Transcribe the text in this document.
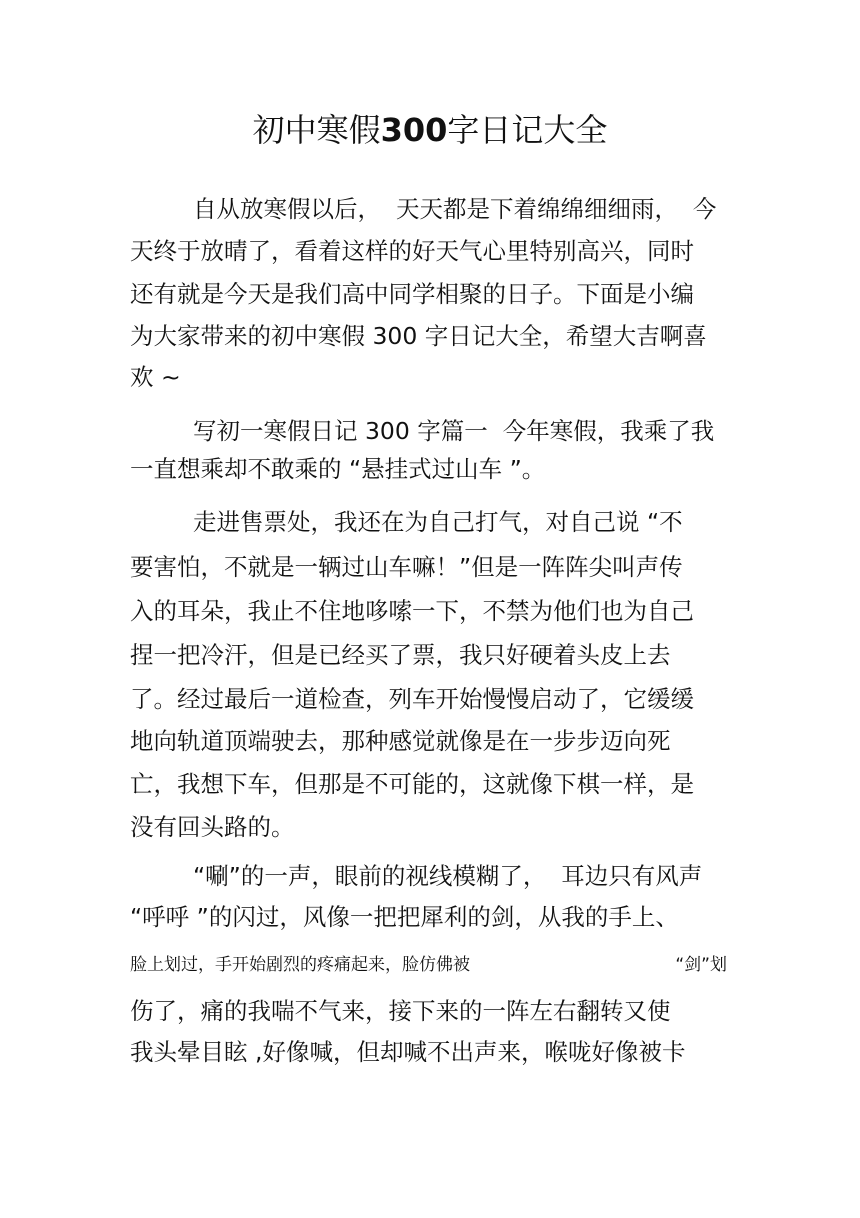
初中寒假300字日记大全
自从放寒假以后，  天天都是下着绵绵细细雨，  今
天终于放晴了，看着这样的好天气心里特别高兴，同时
还有就是今天是我们高中同学相聚的日子。下面是小编
为大家带来的初中寒假 300 字日记大全，希望大吉啊喜
欢 ~
写初一寒假日记 300 字篇一  今年寒假，我乘了我
一直想乘却不敢乘的 “悬挂式过山车 ”。
走进售票处，我还在为自己打气，对自己说 “不
要害怕，不就是一辆过山车嘛！”但是一阵阵尖叫声传
入的耳朵，我止不住地哆嗦一下，不禁为他们也为自己
捏一把冷汗，但是已经买了票，我只好硬着头皮上去
了。经过最后一道检查，列车开始慢慢启动了，它缓缓
地向轨道顶端驶去，那种感觉就像是在一步步迈向死
亡，我想下车，但那是不可能的，这就像下棋一样，是
没有回头路的。
“唰”的一声，眼前的视线模糊了，  耳边只有风声
“呼呼 ”的闪过，风像一把把犀利的剑，从我的手上、
脸上划过，手开始剧烈的疼痛起来，脸仿佛被	“剑”划
伤了，痛的我喘不气来，接下来的一阵左右翻转又使
我头晕目眩 ,好像喊，但却喊不出声来，喉咙好像被卡
